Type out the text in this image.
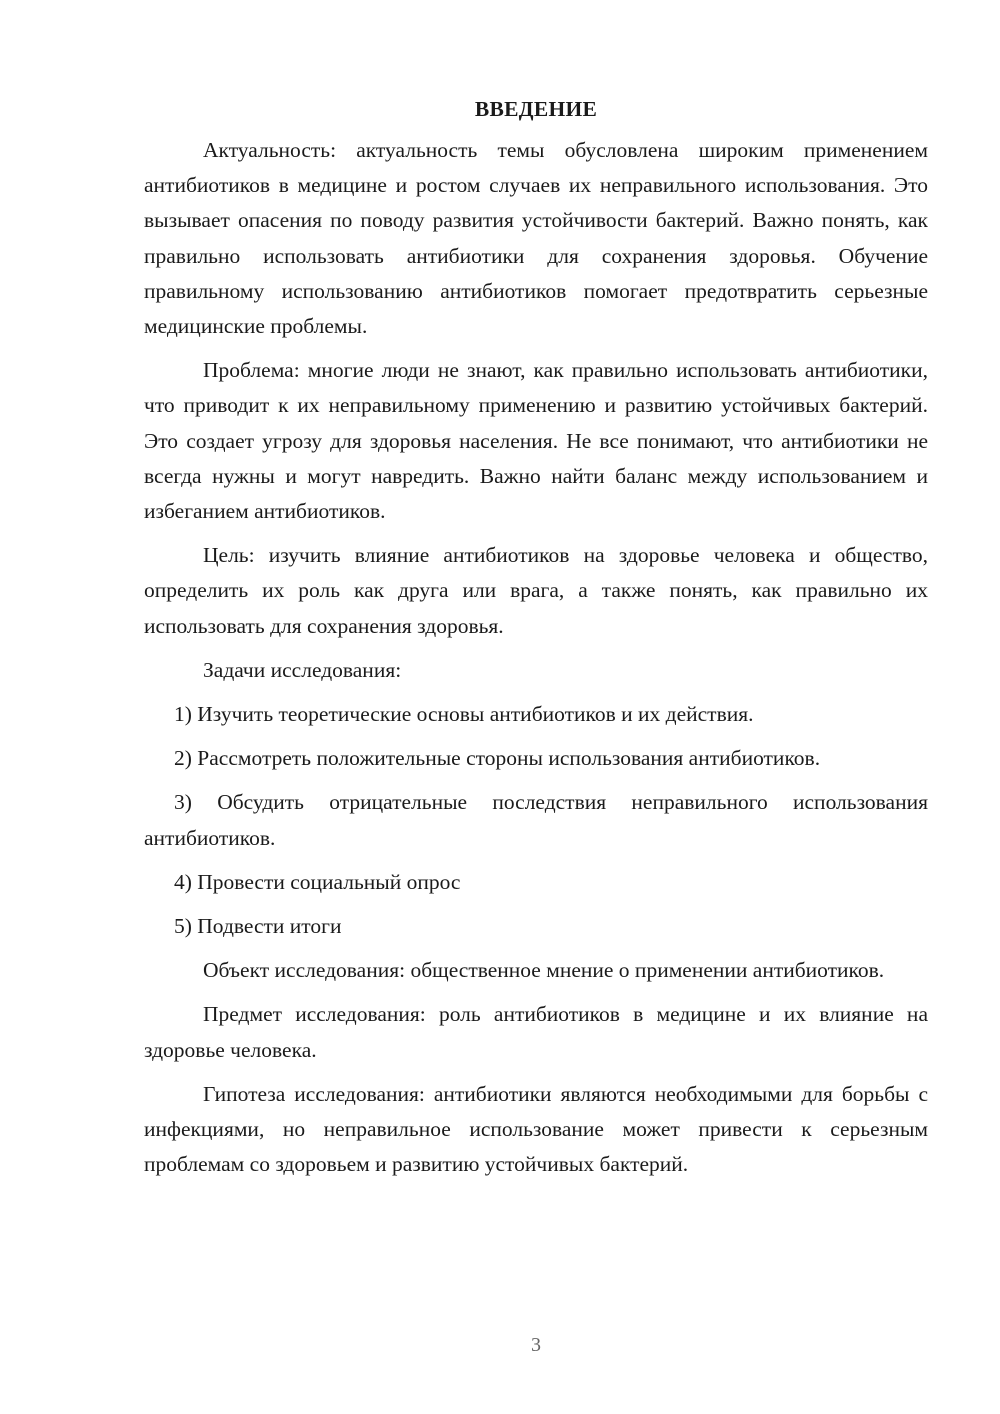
ВВЕДЕНИЕ

Актуальность: актуальность темы обусловлена широким применением антибиотиков в медицине и ростом случаев их неправильного использования. Это вызывает опасения по поводу развития устойчивости бактерий. Важно понять, как правильно использовать антибиотики для сохранения здоровья. Обучение правильному использованию антибиотиков помогает предотвратить серьезные медицинские проблемы.

Проблема: многие люди не знают, как правильно использовать антибиотики, что приводит к их неправильному применению и развитию устойчивых бактерий. Это создает угрозу для здоровья населения. Не все понимают, что антибиотики не всегда нужны и могут навредить. Важно найти баланс между использованием и избеганием антибиотиков.

Цель: изучить влияние антибиотиков на здоровье человека и общество, определить их роль как друга или врага, а также понять, как правильно их использовать для сохранения здоровья.

Задачи исследования:

1) Изучить теоретические основы антибиотиков и их действия.

2) Рассмотреть положительные стороны использования антибиотиков.

3) Обсудить отрицательные последствия неправильного использования антибиотиков.

4) Провести социальный опрос

5) Подвести итоги

Объект исследования: общественное мнение о применении антибиотиков.

Предмет исследования: роль антибиотиков в медицине и их влияние на здоровье человека.

Гипотеза исследования: антибиотики являются необходимыми для борьбы с инфекциями, но неправильное использование может привести к серьезным проблемам со здоровьем и развитию устойчивых бактерий.

3
